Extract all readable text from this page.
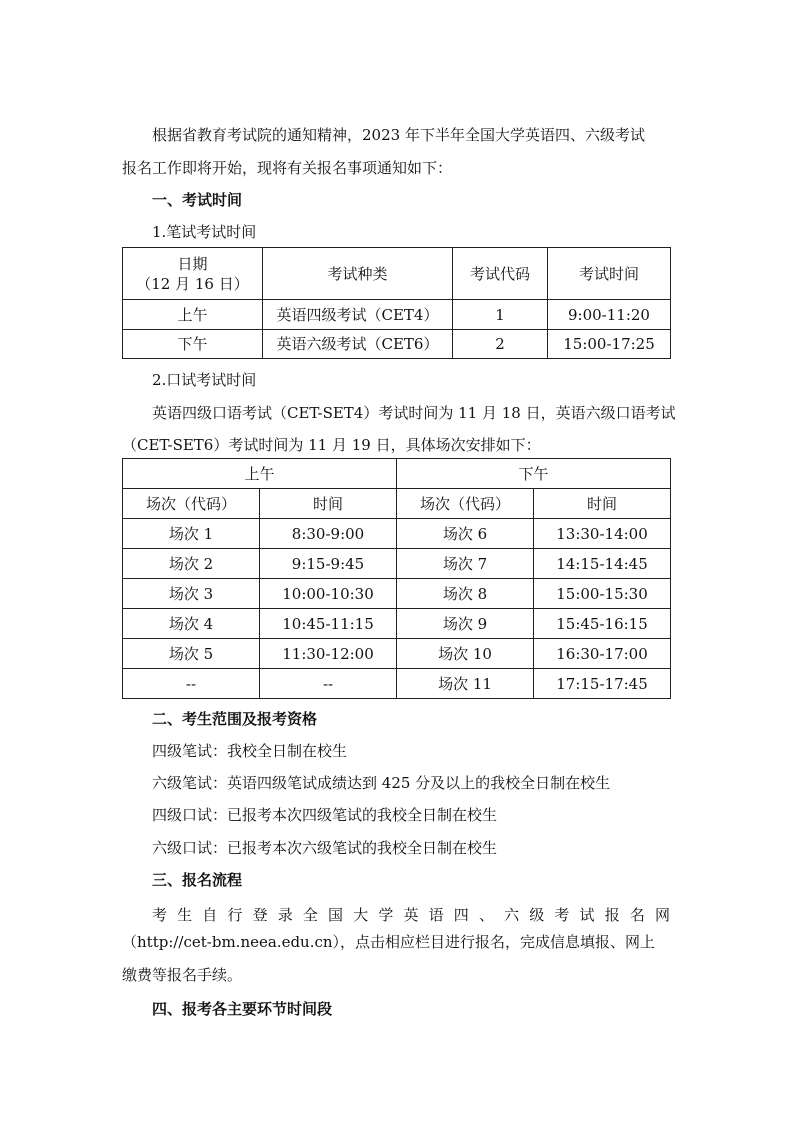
根据省教育考试院的通知精神，2023 年下半年全国大学英语四、六级考试
报名工作即将开始，现将有关报名事项通知如下：
一、考试时间
1.笔试考试时间
日期
（12 月 16 日）	考试种类	考试代码	考试时间
上午	英语四级考试（CET4）	1	9:00-11:20
下午	英语六级考试（CET6）	2	15:00-17:25
2.口试考试时间
英语四级口语考试（CET-SET4）考试时间为 11 月 18 日，英语六级口语考试
（CET-SET6）考试时间为 11 月 19 日，具体场次安排如下：
上午		下午	
场次（代码）	时间	场次（代码）	时间
场次 1	8:30-9:00	场次 6	13:30-14:00
场次 2	9:15-9:45	场次 7	14:15-14:45
场次 3	10:00-10:30	场次 8	15:00-15:30
场次 4	10:45-11:15	场次 9	15:45-16:15
场次 5	11:30-12:00	场次 10	16:30-17:00
--	--	场次 11	17:15-17:45
二、考生范围及报考资格
四级笔试：我校全日制在校生
六级笔试：英语四级笔试成绩达到 425 分及以上的我校全日制在校生
四级口试：已报考本次四级笔试的我校全日制在校生
六级口试：已报考本次六级笔试的我校全日制在校生
三、报名流程
考生自行登录全国大学英语四、六级考试报名网
（http://cet-bm.neea.edu.cn），点击相应栏目进行报名，完成信息填报、网上
缴费等报名手续。
四、报考各主要环节时间段
